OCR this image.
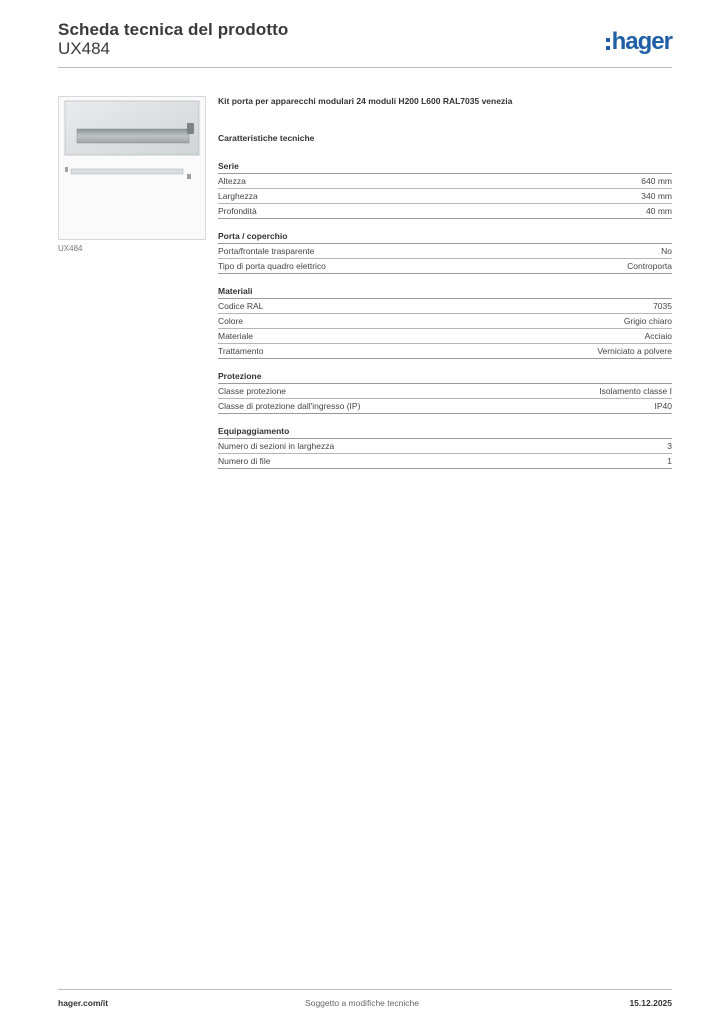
Scheda tecnica del prodotto
UX484	hager
UX484
Kit porta per apparecchi modulari 24 moduli H200 L600 RAL7035 venezia
Caratteristiche tecniche
Serie
Altezza	640 mm
Larghezza	340 mm
Profondità	40 mm
Porta / coperchio
Porta/frontale trasparente	No
Tipo di porta quadro elettrico	Controporta
Materiali
Codice RAL	7035
Colore	Grigio chiaro
Materiale	Acciaio
Trattamento	Verniciato a polvere
Protezione
Classe protezione	Isolamento classe I
Classe di protezione dall'ingresso (IP)	IP40
Equipaggiamento
Numero di sezioni in larghezza	3
Numero di file	1
hager.com/it	Soggetto a modifiche tecniche	15.12.2025
